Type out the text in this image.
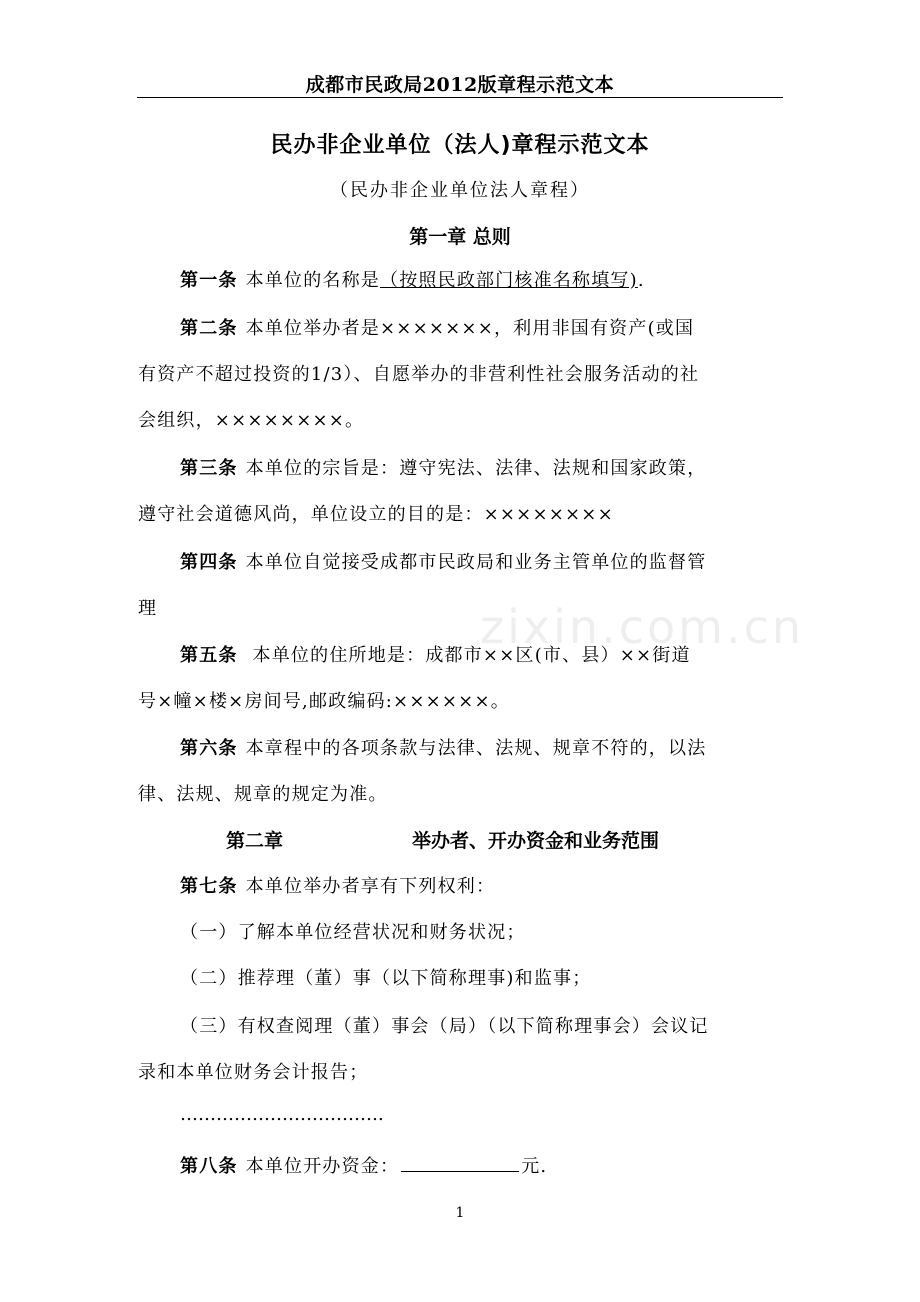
成都市民政局2012版章程示范文本
民办非企业单位（法人)章程示范文本
（民办非企业单位法人章程）
第一章 总则
第一条 本单位的名称是（按照民政部门核准名称填写).
第二条 本单位举办者是×××××××，利用非国有资产(或国
有资产不超过投资的1/3）、自愿举办的非营利性社会服务活动的社
会组织，××××××××。
第三条 本单位的宗旨是：遵守宪法、法律、法规和国家政策，
遵守社会道德风尚，单位设立的目的是：××××××××
第四条 本单位自觉接受成都市民政局和业务主管单位的监督管
理
第五条 本单位的住所地是：成都市××区(市、县）××街道
号×幢×楼×房间号,邮政编码:××××××。
第六条 本章程中的各项条款与法律、法规、规章不符的，以法
律、法规、规章的规定为准。
第二章	举办者、开办资金和业务范围
第七条 本单位举办者享有下列权利：
（一）了解本单位经营状况和财务状况；
（二）推荐理（董）事（以下简称理事)和监事；
（三）有权查阅理（董）事会（局）（以下简称理事会）会议记
录和本单位财务会计报告；
…………………………….
第八条 本单位开办资金：	元.
zixin.com.cn
1
